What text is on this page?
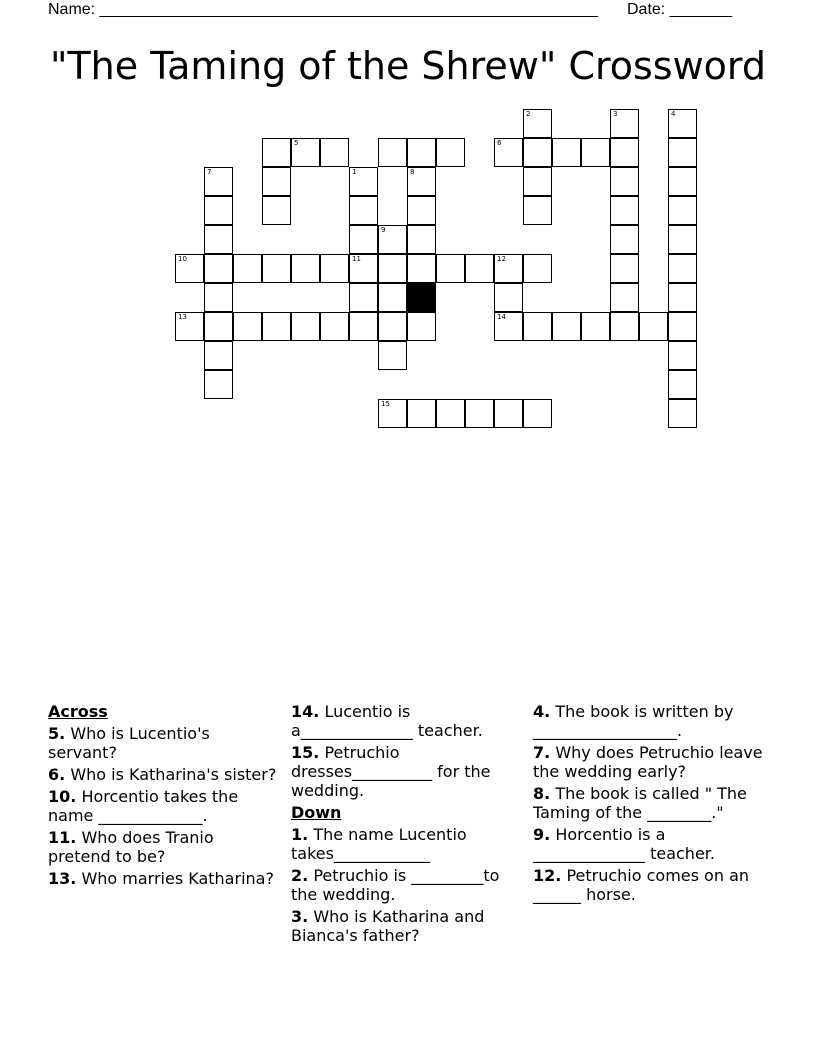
Name: ________________________________________________________ Date: _______
"The Taming of the Shrew" Crossword
1
5
2	3	4
6
7	8
9
10	11	12
13	14
15
Across
5. Who is Lucentio's servant?
6. Who is Katharina's sister?
10. Horcentio takes the name _____________.
11. Who does Tranio pretend to be?
13. Who marries Katharina?
14. Lucentio is a______________ teacher.
15. Petruchio dresses__________ for the wedding.
Down
1. The name Lucentio takes____________
2. Petruchio is _________to the wedding.
3. Who is Katharina and Bianca's father?
4. The book is written by __________________.
7. Why does Petruchio leave the wedding early?
8. The book is called " The Taming of the ________."
9. Horcentio is a ______________ teacher.
12. Petruchio comes on an ______ horse.
